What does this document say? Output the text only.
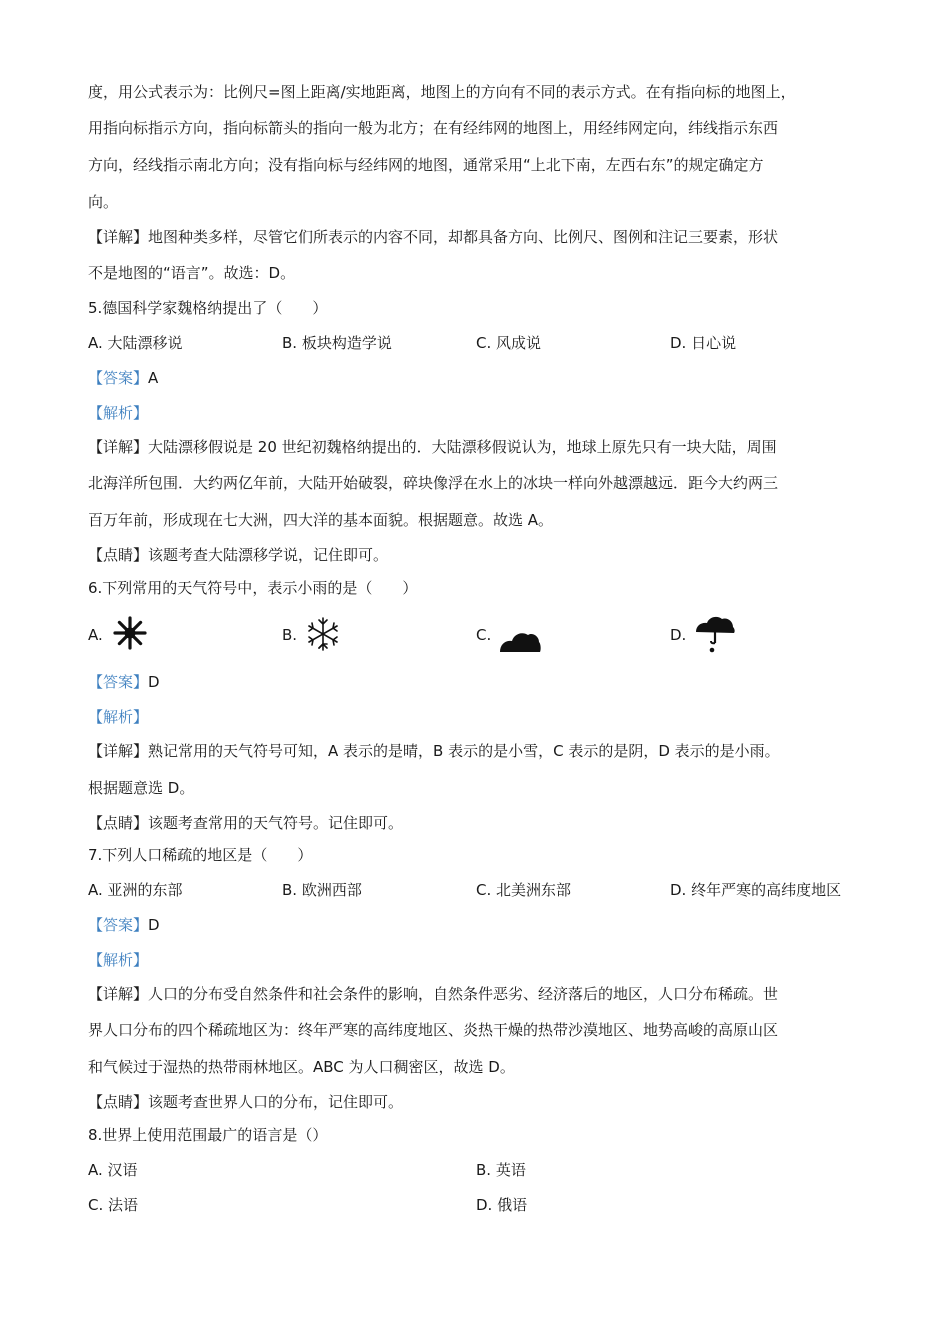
度，用公式表示为：比例尺=图上距离/实地距离，地图上的方向有不同的表示方式。在有指向标的地图上，
用指向标指示方向，指向标箭头的指向一般为北方；在有经纬网的地图上，用经纬网定向，纬线指示东西
方向，经线指示南北方向；没有指向标与经纬网的地图，通常采用“上北下南，左西右东”的规定确定方
向。
【详解】地图种类多样，尽管它们所表示的内容不同，却都具备方向、比例尺、图例和注记三要素，形状
不是地图的“语言”。故选：D。
5.德国科学家魏格纳提出了（　　）
A. 大陆漂移说	B. 板块构造学说	C. 风成说	D. 日心说
【答案】A
【解析】
【详解】大陆漂移假说是 20 世纪初魏格纳提出的．大陆漂移假说认为，地球上原先只有一块大陆，周围
北海洋所包围．大约两亿年前，大陆开始破裂，碎块像浮在水上的冰块一样向外越漂越远．距今大约两三
百万年前，形成现在七大洲，四大洋的基本面貌。根据题意。故选 A。
【点睛】该题考查大陆漂移学说，记住即可。
6.下列常用的天气符号中，表示小雨的是（　　）
A.	B.	C.	D.
【答案】D
【解析】
【详解】熟记常用的天气符号可知，A 表示的是晴，B 表示的是小雪，C 表示的是阴，D 表示的是小雨。
根据题意选 D。
【点睛】该题考查常用的天气符号。记住即可。
7.下列人口稀疏的地区是（　　）
A. 亚洲的东部	B. 欧洲西部	C. 北美洲东部	D. 终年严寒的高纬度地区
【答案】D
【解析】
【详解】人口的分布受自然条件和社会条件的影响，自然条件恶劣、经济落后的地区，人口分布稀疏。世
界人口分布的四个稀疏地区为：终年严寒的高纬度地区、炎热干燥的热带沙漠地区、地势高峻的高原山区
和气候过于湿热的热带雨林地区。ABC 为人口稠密区，故选 D。
【点睛】该题考查世界人口的分布，记住即可。
8.世界上使用范围最广的语言是（）
A. 汉语	B. 英语
C. 法语	D. 俄语
